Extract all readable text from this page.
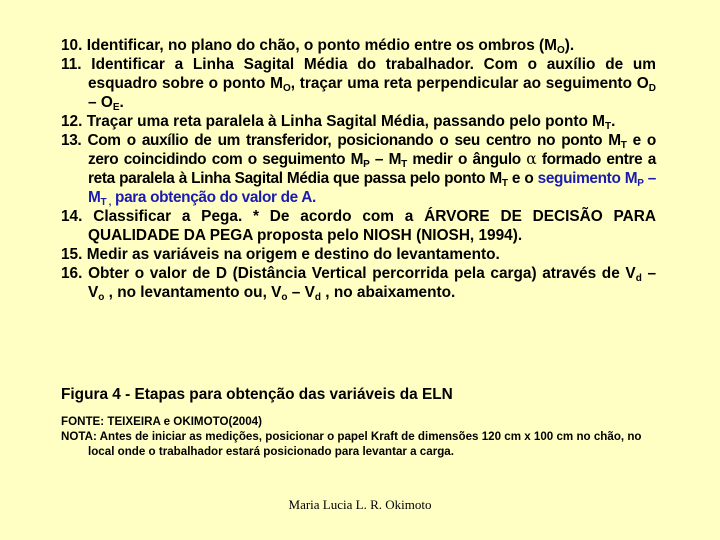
10. Identificar, no plano do chão, o ponto médio entre os ombros $(M_O)$.
11. Identificar a Linha Sagital Média do trabalhador. Com o auxílio de um esquadro sobre o ponto $M_O$, traçar uma reta perpendicular ao seguimento $O_D - O_E$.
12. Traçar uma reta paralela à Linha Sagital Média, passando pelo ponto $M_T$.
13. Com o auxílio de um transferidor, posicionando o seu centro no ponto $M_T$ e o zero coincidindo com o seguimento $M_P - M_T$ medir o ângulo α formado entre a reta paralela à Linha Sagital Média que passa pelo ponto $M_T$ e o seguimento $M_P - M_{T ,}$ para obtenção do valor de A.
14. Classificar a Pega. * De acordo com a ÁRVORE DE DECISÃO PARA QUALIDADE DA PEGA proposta pelo NIOSH (NIOSH, 1994).
15. Medir as variáveis na origem e destino do levantamento.
16. Obter o valor de D (Distância Vertical percorrida pela carga) através de $V_d - V_o$ , no levantamento ou, $V_o - V_d$ , no abaixamento.

Figura 4 - Etapas para obtenção das variáveis da ELN

FONTE: TEIXEIRA e OKIMOTO(2004)

NOTA: Antes de iniciar as medições, posicionar o papel Kraft de dimensões 120 cm x 100 cm no chão, no local onde o trabalhador estará posicionado para levantar a carga.

Maria Lucia L. R. Okimoto
